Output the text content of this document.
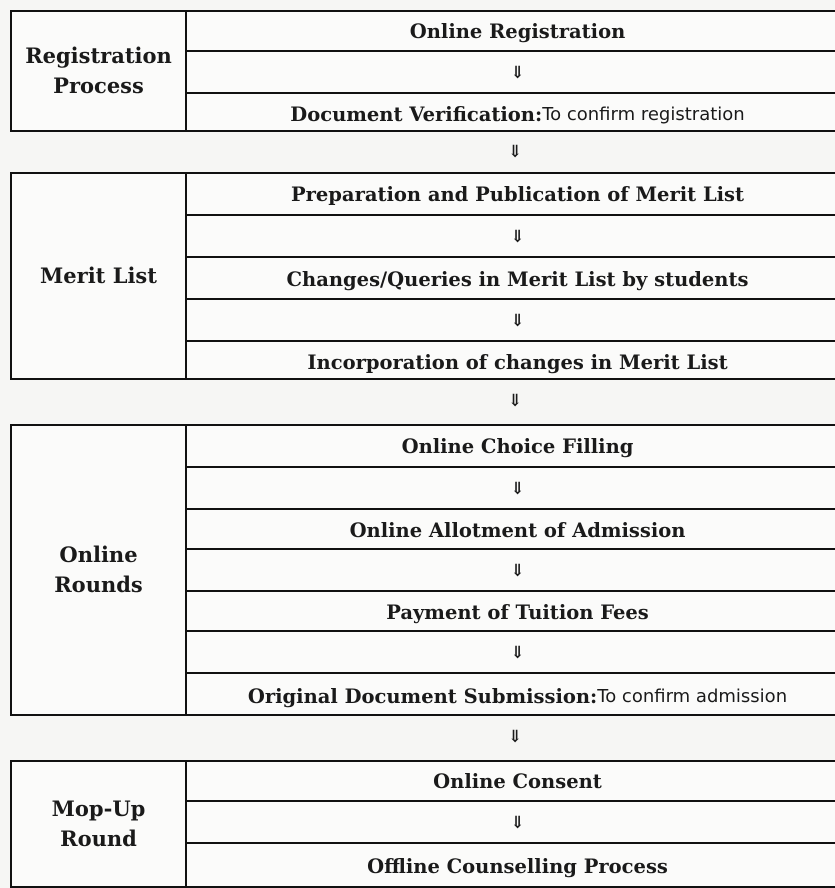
Registration
Process
Online Registration
⇓
Document Verification: To confirm registration
⇓
Merit List
Preparation and Publication of Merit List
⇓
Changes/Queries in Merit List by students
⇓
Incorporation of changes in Merit List
⇓
Online
Rounds
Online Choice Filling
⇓
Online Allotment of Admission
⇓
Payment of Tuition Fees
⇓
Original Document Submission: To confirm admission
⇓
Mop-Up
Round
Online Consent
⇓
Offline Counselling Process
